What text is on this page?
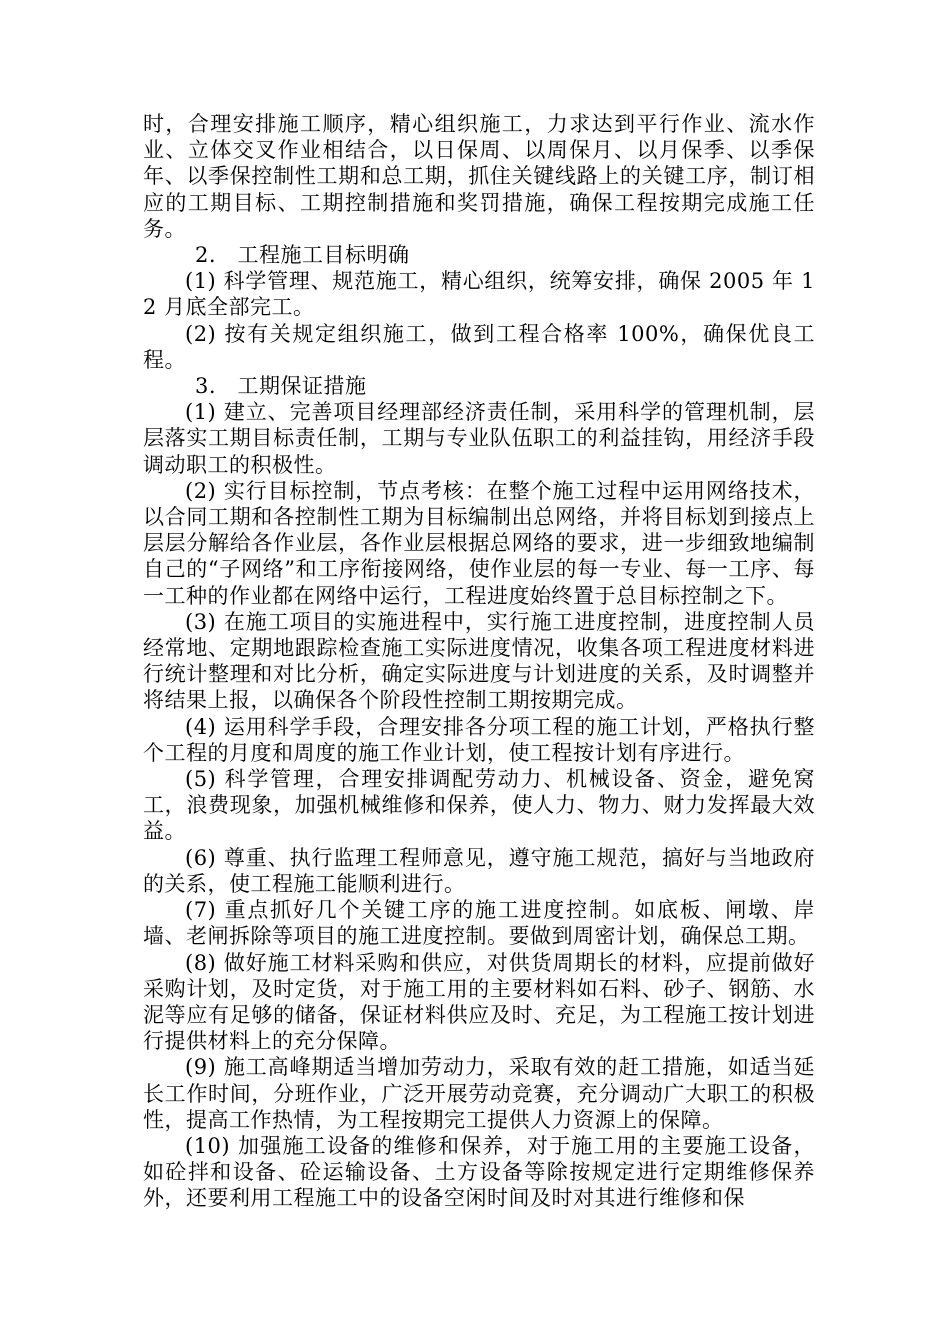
时，合理安排施工顺序，精心组织施工，力求达到平行作业、流水作业、立体交叉作业相结合，以日保周、以周保月、以月保季、以季保年、以季保控制性工期和总工期，抓住关键线路上的关键工序，制订相应的工期目标、工期控制措施和奖罚措施，确保工程按期完成施工任务。

2.　工程施工目标明确

(1) 科学管理、规范施工，精心组织，统筹安排，确保 2005 年 12 月底全部完工。

(2) 按有关规定组织施工，做到工程合格率 100%，确保优良工程。

3.　工期保证措施

(1) 建立、完善项目经理部经济责任制，采用科学的管理机制，层层落实工期目标责任制，工期与专业队伍职工的利益挂钩，用经济手段调动职工的积极性。

(2) 实行目标控制，节点考核：在整个施工过程中运用网络技术，以合同工期和各控制性工期为目标编制出总网络，并将目标划到接点上层层分解给各作业层，各作业层根据总网络的要求，进一步细致地编制自己的“子网络”和工序衔接网络，使作业层的每一专业、每一工序、每一工种的作业都在网络中运行，工程进度始终置于总目标控制之下。

(3) 在施工项目的实施进程中，实行施工进度控制，进度控制人员经常地、定期地跟踪检查施工实际进度情况，收集各项工程进度材料进行统计整理和对比分析，确定实际进度与计划进度的关系，及时调整并将结果上报，以确保各个阶段性控制工期按期完成。

(4) 运用科学手段，合理安排各分项工程的施工计划，严格执行整个工程的月度和周度的施工作业计划，使工程按计划有序进行。

(5) 科学管理，合理安排调配劳动力、机械设备、资金，避免窝工，浪费现象，加强机械维修和保养，使人力、物力、财力发挥最大效益。

(6) 尊重、执行监理工程师意见，遵守施工规范，搞好与当地政府的关系，使工程施工能顺利进行。

(7) 重点抓好几个关键工序的施工进度控制。如底板、闸墩、岸墙、老闸拆除等项目的施工进度控制。要做到周密计划，确保总工期。

(8) 做好施工材料采购和供应，对供货周期长的材料，应提前做好采购计划，及时定货，对于施工用的主要材料如石料、砂子、钢筋、水泥等应有足够的储备，保证材料供应及时、充足，为工程施工按计划进行提供材料上的充分保障。

(9) 施工高峰期适当增加劳动力，采取有效的赶工措施，如适当延长工作时间，分班作业，广泛开展劳动竞赛，充分调动广大职工的积极性，提高工作热情，为工程按期完工提供人力资源上的保障。

(10) 加强施工设备的维修和保养，对于施工用的主要施工设备，如砼拌和设备、砼运输设备、土方设备等除按规定进行定期维修保养外，还要利用工程施工中的设备空闲时间及时对其进行维修和保
